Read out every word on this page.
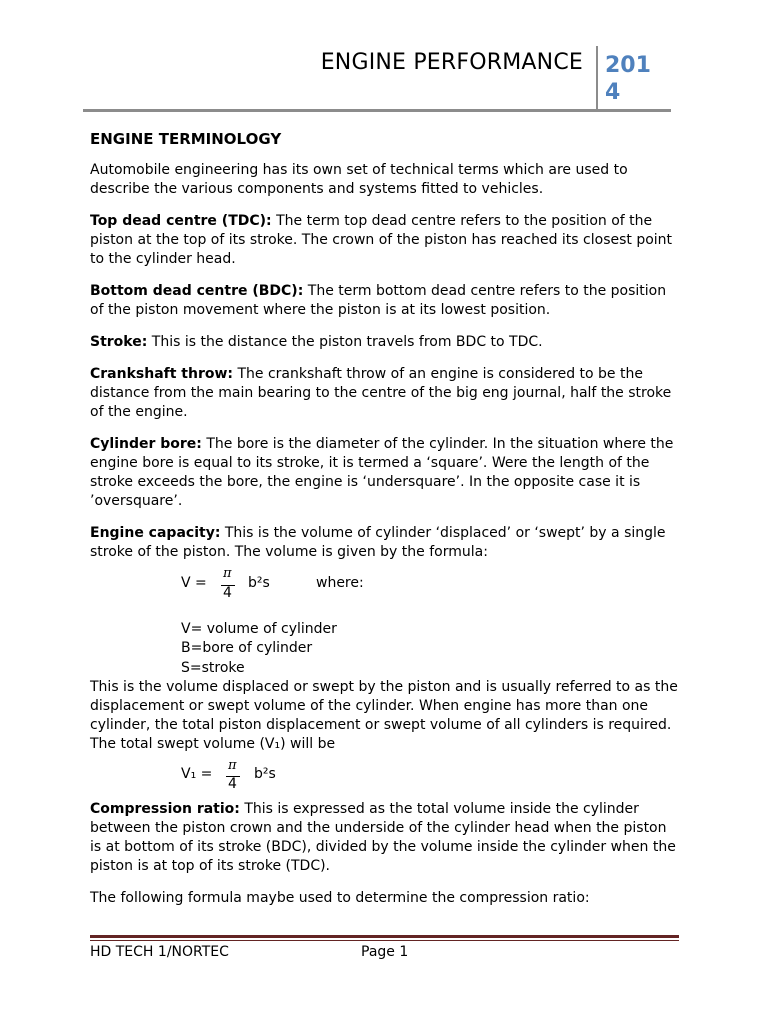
ENGINE PERFORMANCE 2014
ENGINE TERMINOLOGY

Automobile engineering has its own set of technical terms which are used to describe the various components and systems fitted to vehicles.

Top dead centre (TDC): The term top dead centre refers to the position of the piston at the top of its stroke. The crown of the piston has reached its closest point to the cylinder head.

Bottom dead centre (BDC): The term bottom dead centre refers to the position of the piston movement where the piston is at its lowest position.

Stroke: This is the distance the piston travels from BDC to TDC.

Crankshaft throw: The crankshaft throw of an engine is considered to be the distance from the main bearing to the centre of the big eng journal, half the stroke of the engine.

Cylinder bore: The bore is the diameter of the cylinder. In the situation where the engine bore is equal to its stroke, it is termed a ‘square’. Were the length of the stroke exceeds the bore, the engine is ‘undersquare’. In the opposite case it is ’oversquare’.

Engine capacity: This is the volume of cylinder ‘displaced’ or ‘swept’ by a single stroke of the piston. The volume is given by the formula:

V =
π
4
b²s	where:
V= volume of cylinder
B=bore of cylinder
S=stroke

This is the volume displaced or swept by the piston and is usually referred to as the displacement or swept volume of the cylinder. When engine has more than one cylinder, the total piston displacement or swept volume of all cylinders is required. The total swept volume (V₁) will be

V₁ =
π
4
b²s

Compression ratio: This is expressed as the total volume inside the cylinder between the piston crown and the underside of the cylinder head when the piston is at bottom of its stroke (BDC), divided by the volume inside the cylinder when the piston is at top of its stroke (TDC).

The following formula maybe used to determine the compression ratio:

HD TECH 1/NORTEC	Page 1
